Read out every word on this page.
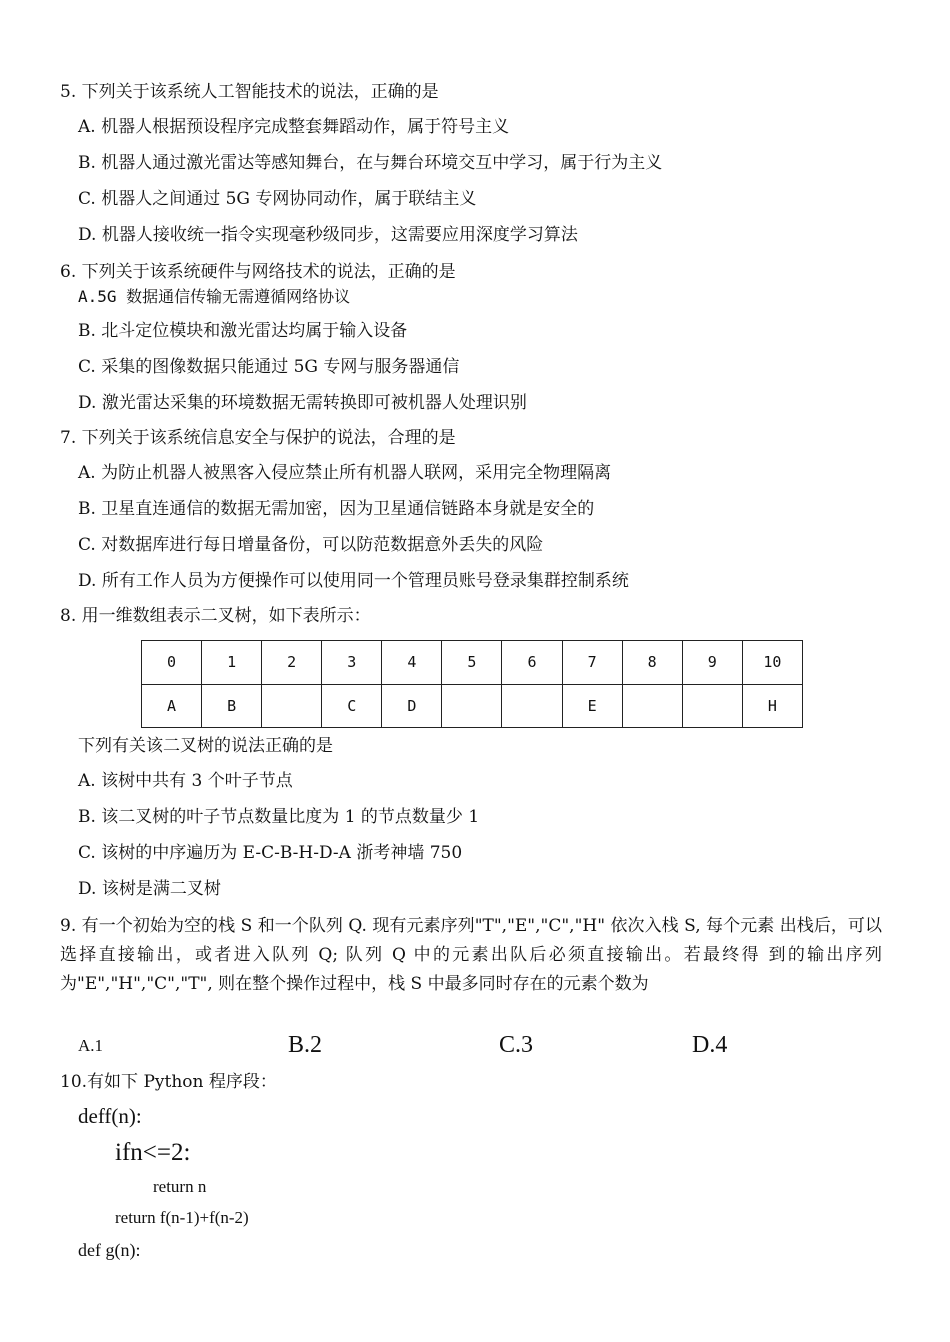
5. 下列关于该系统人工智能技术的说法，正确的是
A. 机器人根据预设程序完成整套舞蹈动作，属于符号主义
B. 机器人通过激光雷达等感知舞台，在与舞台环境交互中学习，属于行为主义
C. 机器人之间通过 5G 专网协同动作，属于联结主义
D. 机器人接收统一指令实现毫秒级同步，这需要应用深度学习算法
6. 下列关于该系统硬件与网络技术的说法，正确的是
A.5G 数据通信传输无需遵循网络协议
B. 北斗定位模块和激光雷达均属于输入设备
C. 采集的图像数据只能通过 5G 专网与服务器通信
D. 激光雷达采集的环境数据无需转换即可被机器人处理识别
7. 下列关于该系统信息安全与保护的说法，合理的是
A. 为防止机器人被黑客入侵应禁止所有机器人联网，采用完全物理隔离
B. 卫星直连通信的数据无需加密，因为卫星通信链路本身就是安全的
C. 对数据库进行每日增量备份，可以防范数据意外丢失的风险
D. 所有工作人员为方便操作可以使用同一个管理员账号登录集群控制系统
8. 用一维数组表示二叉树，如下表所示：
0	1	2	3	4	5	6	7	8	9	10
A	B		C	D			E			H
下列有关该二叉树的说法正确的是
A. 该树中共有 3 个叶子节点
B. 该二叉树的叶子节点数量比度为 1 的节点数量少 1
C. 该树的中序遍历为 E-C-B-H-D-A 浙考神墙 750
D. 该树是满二叉树
9. 有一个初始为空的栈 S 和一个队列 Q. 现有元素序列"T","E","C","H" 依次入栈 S, 每个元素 出栈后，可以选择直接输出，或者进入队列 Q; 队列 Q 中的元素出队后必须直接输出。若最终得 到的输出序列为"E","H","C","T", 则在整个操作过程中，栈 S 中最多同时存在的元素个数为
A.1	B.2	C.3	D.4
10.有如下 Python 程序段：
deff(n):
ifn<=2:
return n
return f(n-1)+f(n-2)
def g(n):
